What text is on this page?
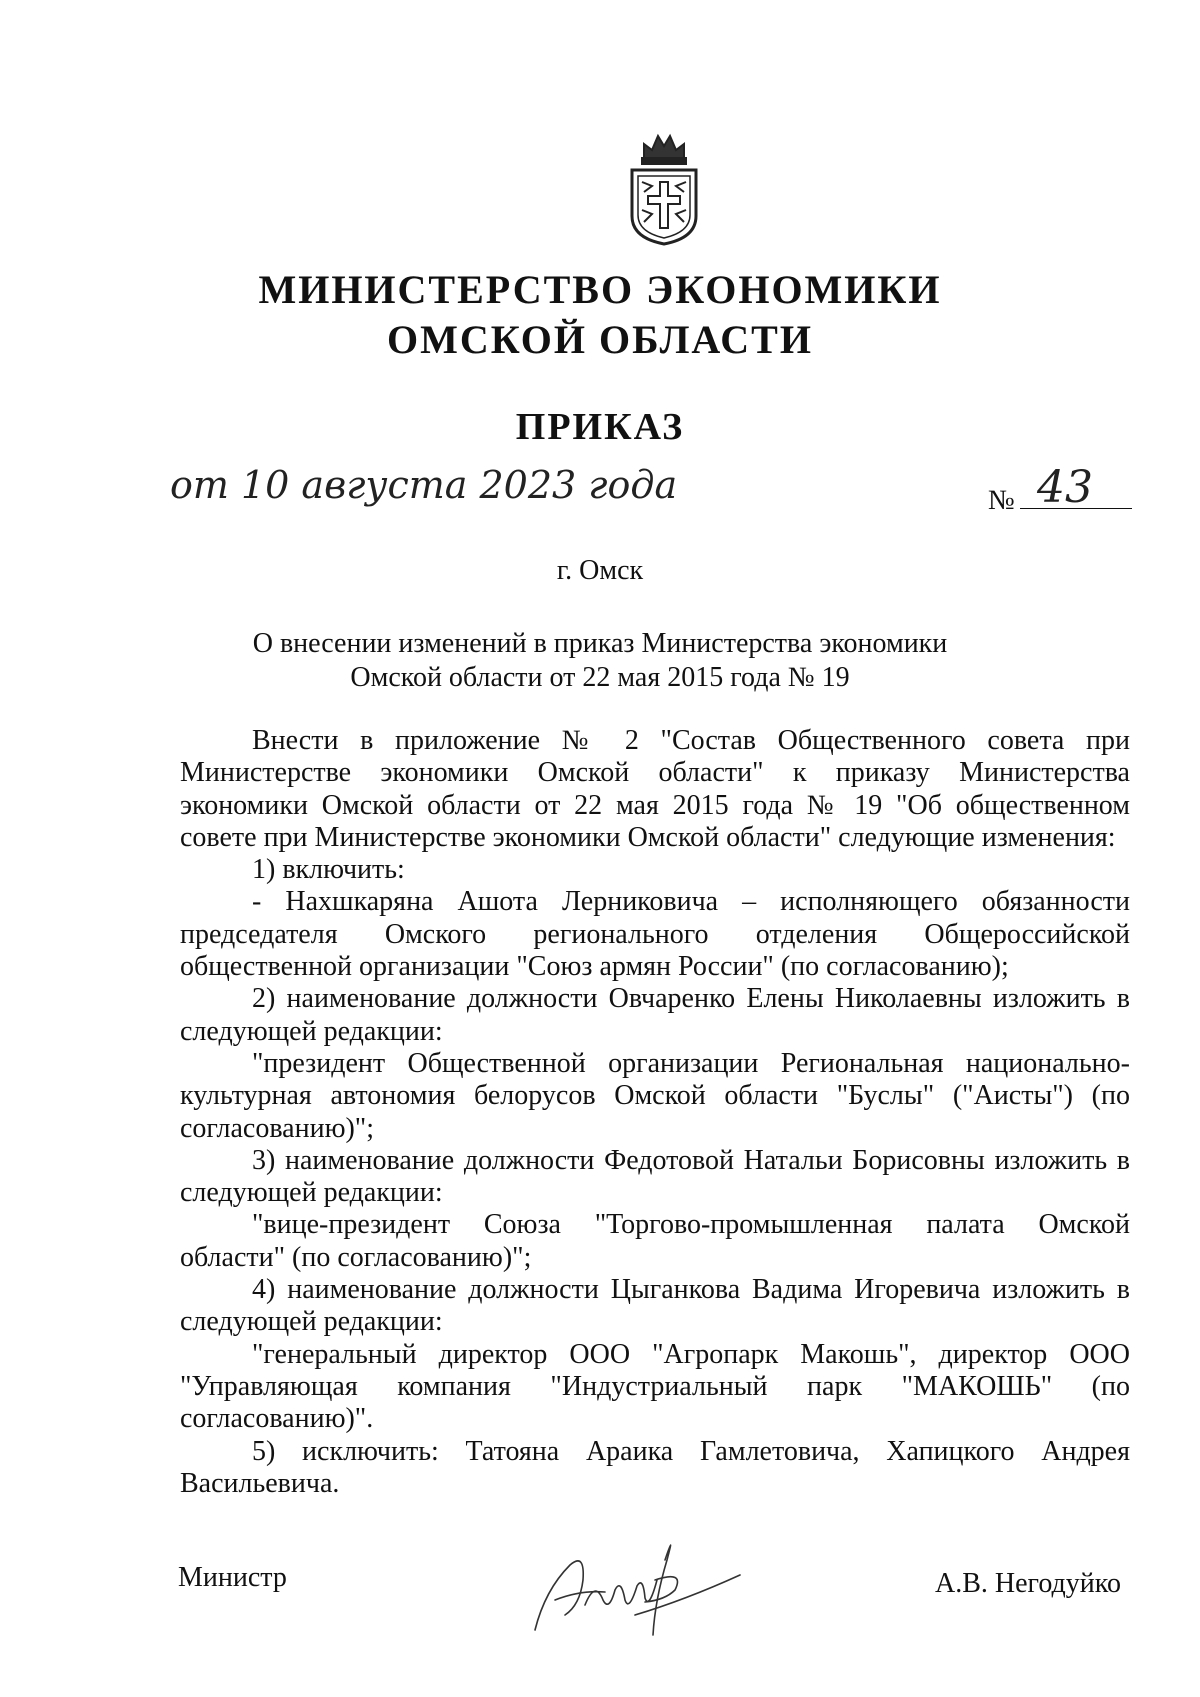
МИНИСТЕРСТВО ЭКОНОМИКИ
ОМСКОЙ ОБЛАСТИ
ПРИКАЗ
от 10 августа 2023 года	№ 43
г. Омск
О внесении изменений в приказ Министерства экономики
Омской области от 22 мая 2015 года № 19

Внести в приложение № 2 "Состав Общественного совета при Министерстве экономики Омской области" к приказу Министерства экономики Омской области от 22 мая 2015 года № 19 "Об общественном совете при Министерстве экономики Омской области" следующие изменения:

1) включить:

- Нахшкаряна Ашота Лерниковича – исполняющего обязанности председателя Омского регионального отделения Общероссийской общественной организации "Союз армян России" (по согласованию);

2) наименование должности Овчаренко Елены Николаевны изложить в следующей редакции:

"президент Общественной организации Региональная национально-культурная автономия белорусов Омской области "Буслы" ("Аисты") (по согласованию)";

3) наименование должности Федотовой Натальи Борисовны изложить в следующей редакции:

"вице-президент Союза "Торгово-промышленная палата Омской области" (по согласованию)";

4) наименование должности Цыганкова Вадима Игоревича изложить в следующей редакции:

"генеральный директор ООО "Агропарк Макошь", директор ООО "Управляющая компания "Индустриальный парк "МАКОШЬ" (по согласованию)".

5) исключить: Татояна Араика Гамлетовича, Хапицкого Андрея Васильевича.

Министр	А.В. Негодуйко
